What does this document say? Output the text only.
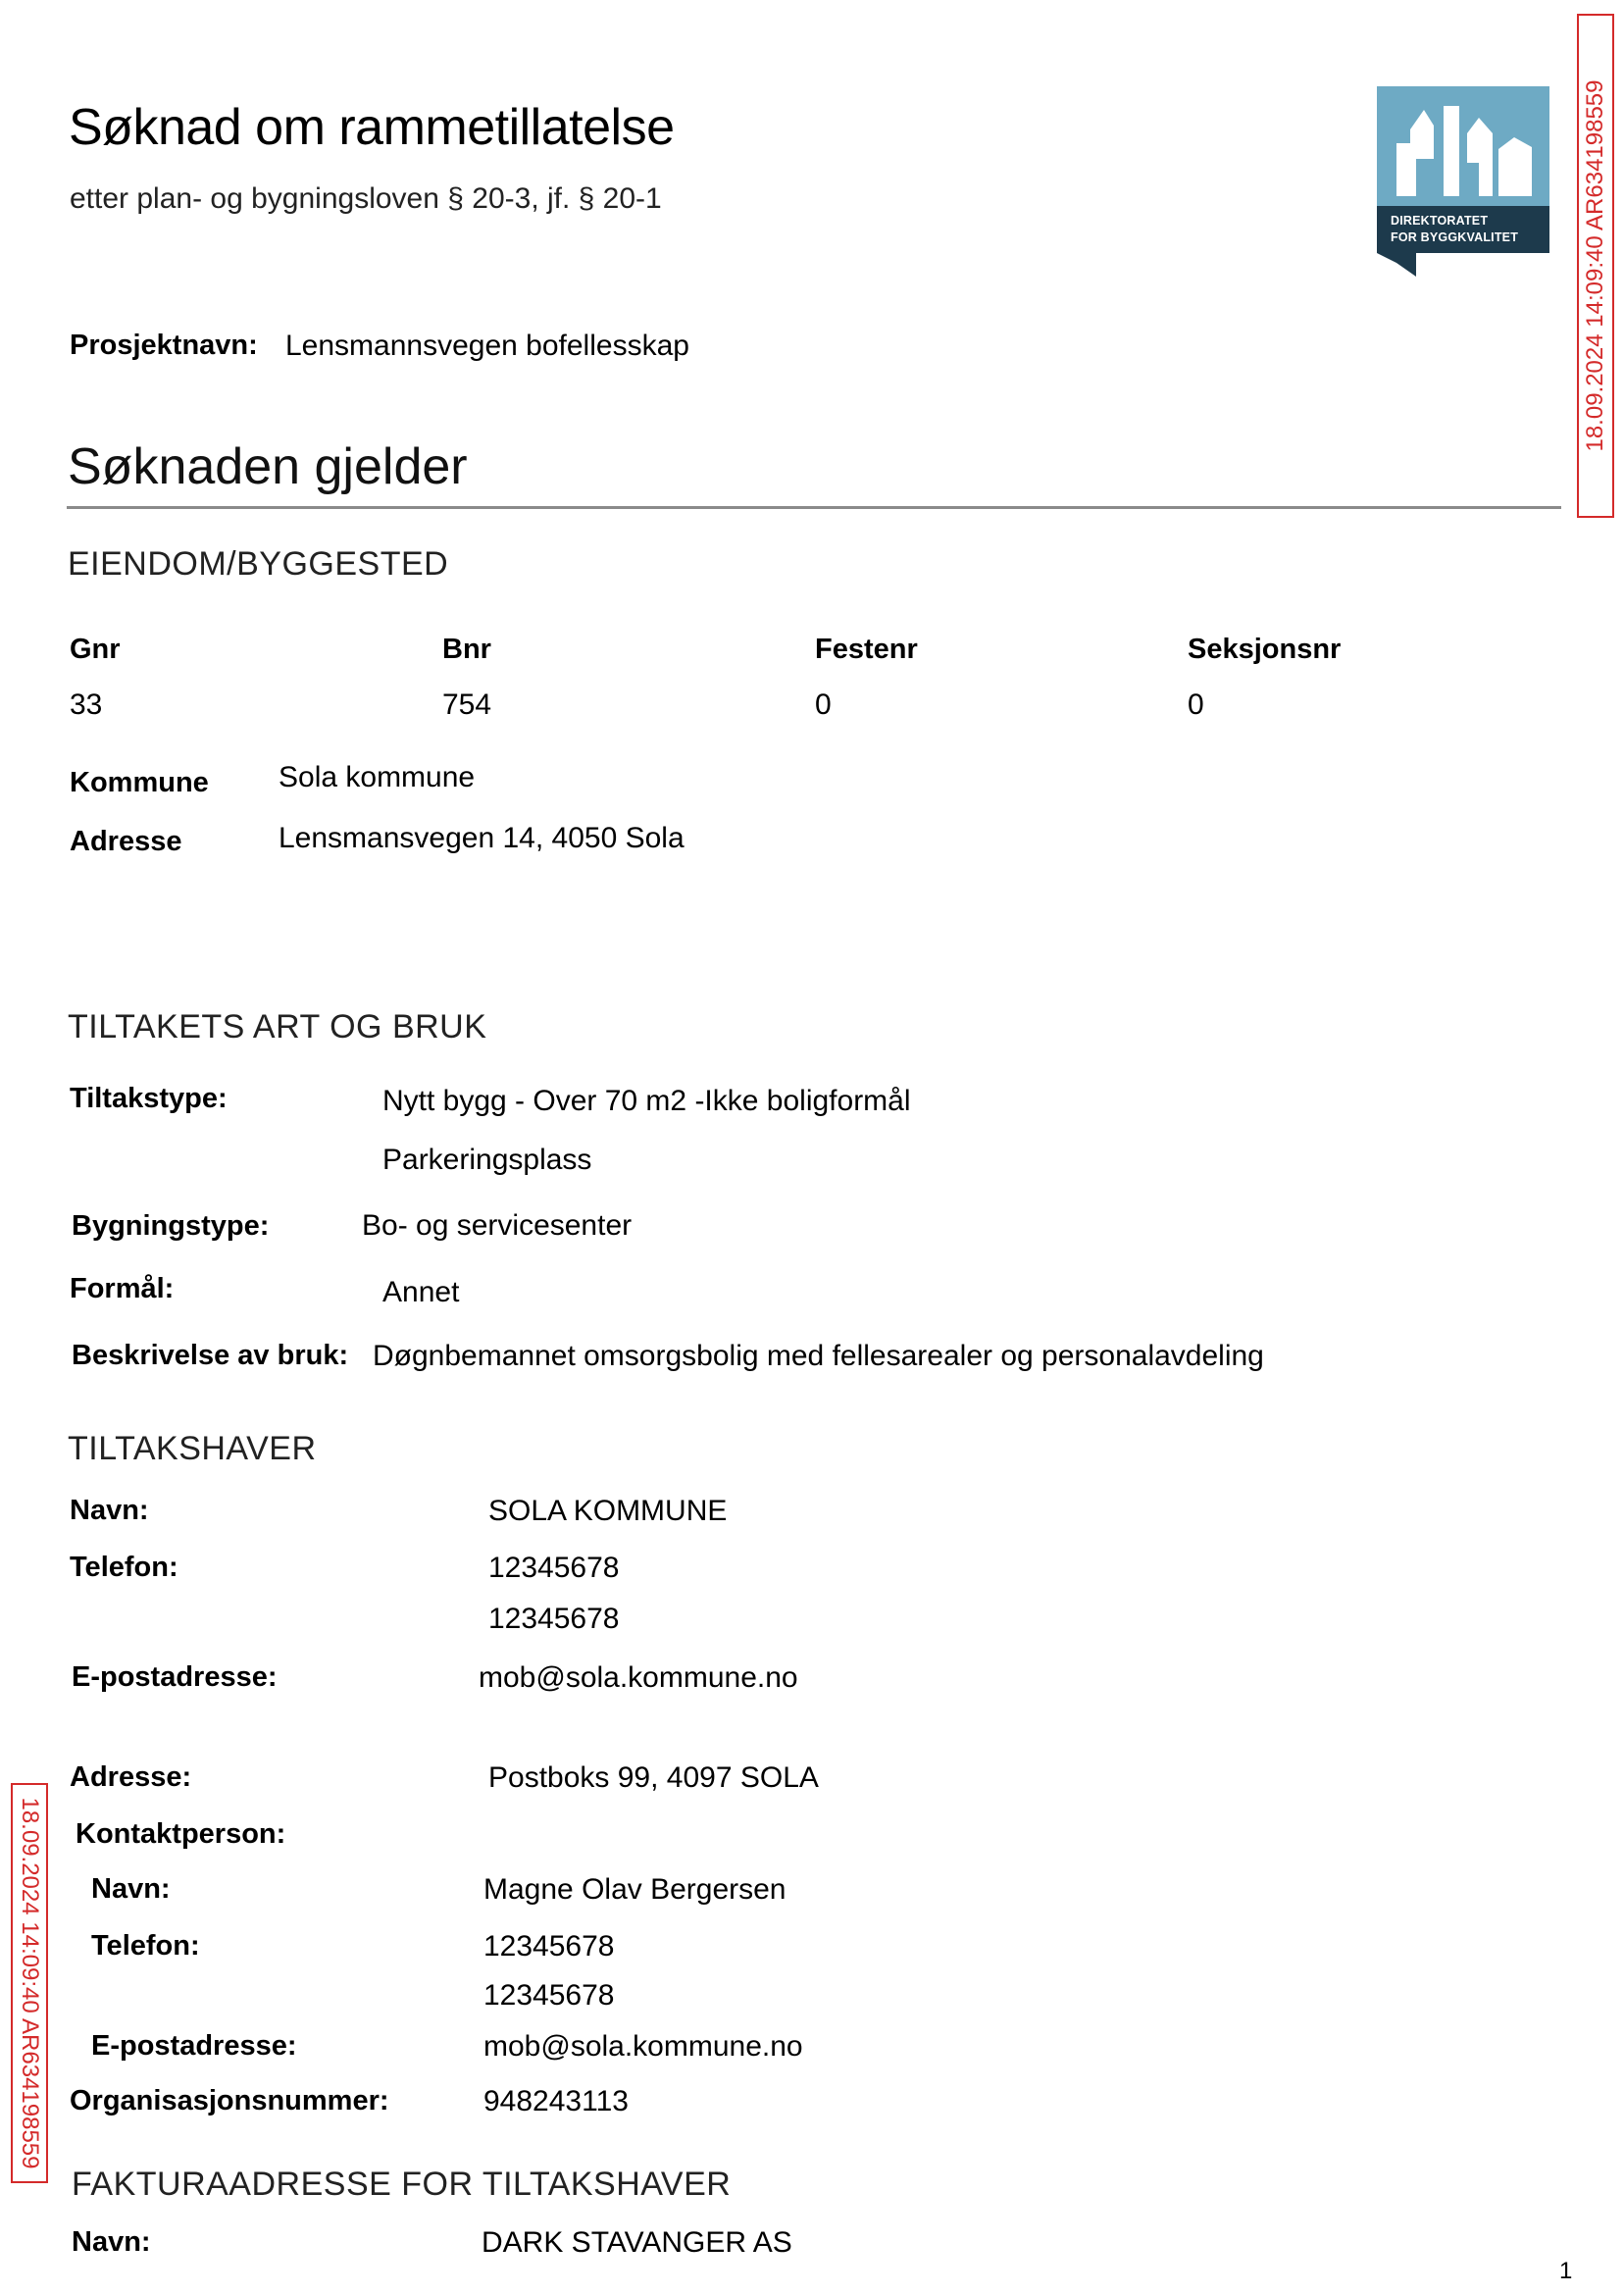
Søknad om rammetillatelse
etter plan- og bygningsloven § 20-3, jf. § 20-1
DIREKTORATET
FOR BYGGKVALITET	18.09.2024 14:09:40 AR634198559
18.09.2024 14:09:40 AR634198559
Prosjektnavn: Lensmannsvegen bofellesskap
Søknaden gjelder
EIENDOM/BYGGESTED
Gnr	Bnr	Festenr	Seksjonsnr
33	754	0	0
Kommune Sola kommune
Adresse	Lensmansvegen 14, 4050 Sola
TILTAKETS ART OG BRUK
Tiltakstype:	Nytt bygg - Over 70 m2 -Ikke boligformål
Parkeringsplass
Bygningstype:	Bo- og servicesenter
Formål:	Annet
Beskrivelse av bruk: Døgnbemannet omsorgsbolig med fellesarealer og personalavdeling
TILTAKSHAVER
Navn:	SOLA KOMMUNE
Telefon:	12345678
12345678
E-postadresse:	mob@sola.kommune.no
Adresse:	Postboks 99, 4097 SOLA
Kontaktperson:
Navn:	Magne Olav Bergersen
Telefon:	12345678
12345678
E-postadresse:	mob@sola.kommune.no
Organisasjonsnummer:	948243113
FAKTURAADRESSE FOR TILTAKSHAVER
Navn:	DARK STAVANGER AS
1
